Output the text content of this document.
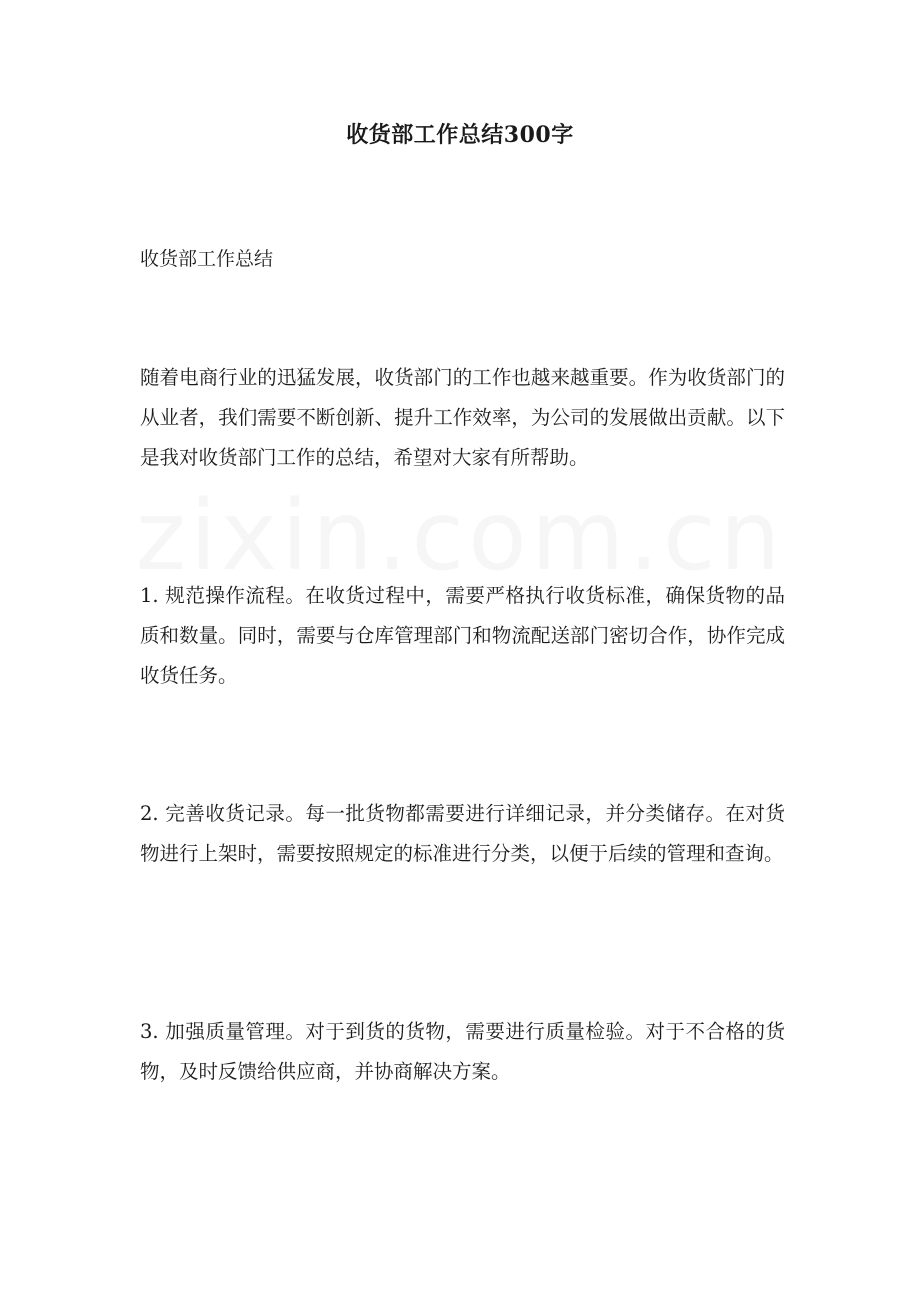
收货部工作总结300字
收货部工作总结

随着电商行业的迅猛发展，收货部门的工作也越来越重要。作为收货部门的从业者，我们需要不断创新、提升工作效率，为公司的发展做出贡献。以下是我对收货部门工作的总结，希望对大家有所帮助。

1. 规范操作流程。在收货过程中，需要严格执行收货标准，确保货物的品质和数量。同时，需要与仓库管理部门和物流配送部门密切合作，协作完成收货任务。

2. 完善收货记录。每一批货物都需要进行详细记录，并分类储存。在对货物进行上架时，需要按照规定的标准进行分类，以便于后续的管理和查询。

3. 加强质量管理。对于到货的货物，需要进行质量检验。对于不合格的货物，及时反馈给供应商，并协商解决方案。
